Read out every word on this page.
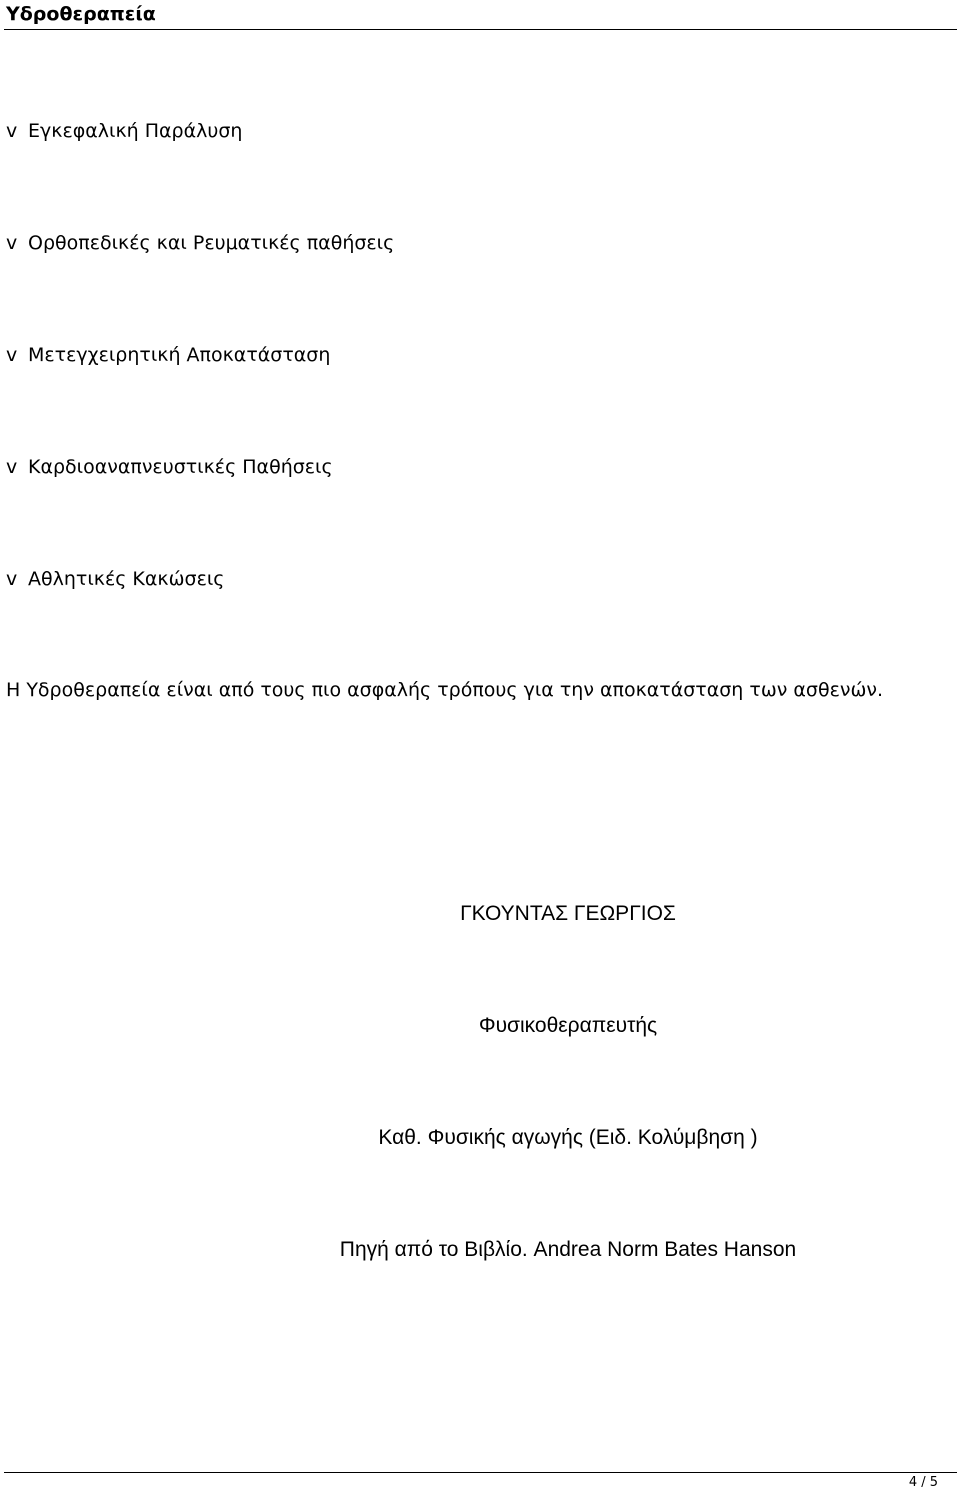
Υδροθεραπεία
v Εγκεφαλική Παράλυση
v Ορθοπεδικές και Ρευματικές παθήσεις
v Μετεγχειρητική Αποκατάσταση
v Καρδιοαναπνευστικές Παθήσεις
v Αθλητικές Κακώσεις
Η Υδροθεραπεία είναι από τους πιο ασφαλής τρόπους για την αποκατάσταση των ασθενών.
ΓΚΟΥΝΤΑΣ ΓΕΩΡΓΙΟΣ
Φυσικοθεραπευτής
Καθ. Φυσικής αγωγής (Ειδ. Κολύμβηση )
Πηγή από το Βιβλίο. Andrea Norm Bates Hanson
4 / 5
